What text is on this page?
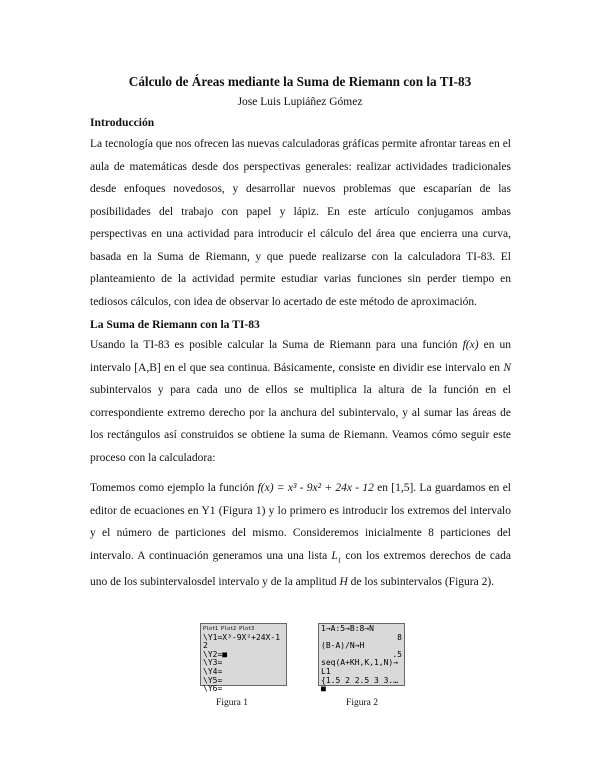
Cálculo de Áreas mediante la Suma de Riemann con la TI-83
Jose Luis Lupiáñez Gómez
Introducción

La tecnología que nos ofrecen las nuevas calculadoras gráficas permite afrontar tareas en el aula de matemáticas desde dos perspectivas generales: realizar actividades tradicionales desde enfoques novedosos, y desarrollar nuevos problemas que escaparían de las posibilidades del trabajo con papel y lápiz. En este artículo conjugamos ambas perspectivas en una actividad para introducir el cálculo del área que encierra una curva, basada en la Suma de Riemann, y que puede realizarse con la calculadora TI-83. El planteamiento de la actividad permite estudiar varias funciones sin perder tiempo en tediosos cálculos, con idea de observar lo acertado de este método de aproximación.

La Suma de Riemann con la TI-83

Usando la TI-83 es posible calcular la Suma de Riemann para una función f(x) en un intervalo [A,B] en el que sea continua. Básicamente, consiste en dividir ese intervalo en N subintervalos y para cada uno de ellos se multiplica la altura de la función en el correspondiente extremo derecho por la anchura del subintervalo, y al sumar las áreas de los rectángulos así construidos se obtiene la suma de Riemann. Veamos cómo seguir este proceso con la calculadora:

Tomemos como ejemplo la función f(x) = x³ - 9x² + 24x - 12 en [1,5]. La guardamos en el editor de ecuaciones en Y1 (Figura 1) y lo primero es introducir los extremos del intervalo y el número de particiones del mismo. Consideremos inicialmente 8 particiones del intervalo. A continuación generamos una una lista $L_1$ con los extremos derechos de cada uno de los subintervalosdel intervalo y de la amplitud H de los subintervalos (Figura 2).

Plot1 Plot2 Plot3
\Y1=X³-9X²+24X-1
2
\Y2=■
\Y3=
\Y4=
\Y5=
\Y6=
Figura 1
1→A:5→B:8→N
8
(B-A)/N→H
.5
seq(A+KH,K,1,N)→
L1
{1.5 2 2.5 3 3.…
■
Figura 2
